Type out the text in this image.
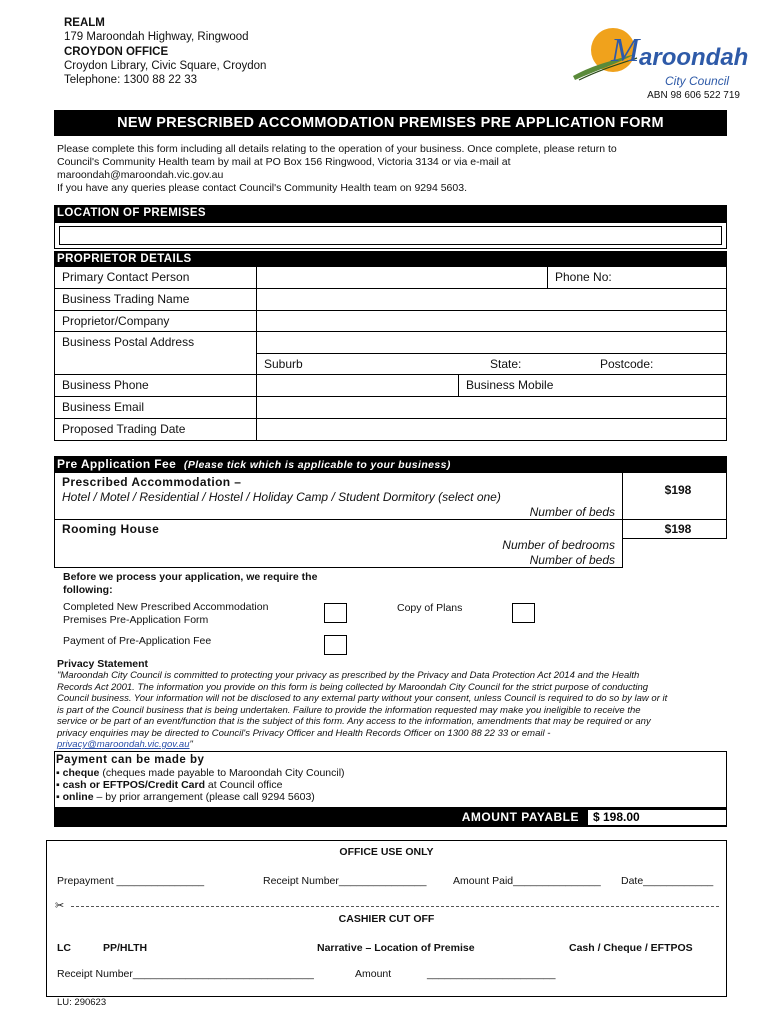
REALM
179 Maroondah Highway, Ringwood
CROYDON OFFICE
Croydon Library, Civic Square, Croydon
Telephone: 1300 88 22 33
M aroondah
City Council
ABN 98 606 522 719
NEW PRESCRIBED ACCOMMODATION PREMISES PRE APPLICATION FORM
Please complete this form including all details relating to the operation of your business. Once complete, please return to
Council's Community Health team by mail at PO Box 156 Ringwood, Victoria 3134 or via e-mail at
maroondah@maroondah.vic.gov.au
If you have any queries please contact Council's Community Health team on 9294 5603.
LOCATION OF PREMISES
PROPRIETOR DETAILS
Primary Contact Person	Phone No:
Business Trading Name
Proprietor/Company
Business Postal Address
Suburb	State:	Postcode:
Business Phone	Business Mobile
Business Email
Proposed Trading Date
Pre Application Fee (Please tick which is applicable to your business)
Prescribed Accommodation –
Hotel / Motel / Residential / Hostel / Holiday Camp / Student Dormitory (select one)
Number of beds
$198
Rooming House
Number of bedrooms
Number of beds
$198
Before we process your application, we require the
following:
Completed New Prescribed Accommodation
Premises Pre-Application Form
Copy of Plans
Payment of Pre-Application Fee
Privacy Statement
"Maroondah City Council is committed to protecting your privacy as prescribed by the Privacy and Data Protection Act 2014 and the Health
Records Act 2001. The information you provide on this form is being collected by Maroondah City Council for the strict purpose of conducting
Council business. Your information will not be disclosed to any external party without your consent, unless Council is required to do so by law or it
is part of the Council business that is being undertaken. Failure to provide the information requested may make you ineligible to receive the
service or be part of an event/function that is the subject of this form. Any access to the information, amendments that may be required or any
privacy enquiries may be directed to Council's Privacy Officer and Health Records Officer on 1300 88 22 33 or email -
privacy@maroondah.vic.gov.au"
Payment can be made by
▪ cheque (cheques made payable to Maroondah City Council)
▪ cash or EFTPOS/Credit Card at Council office
▪ online – by prior arrangement (please call 9294 5603)
AMOUNT PAYABLE	$ 198.00
OFFICE USE ONLY
Prepayment _______________	Receipt Number_______________	Amount Paid_______________ Date____________
✂
CASHIER CUT OFF
LC	PP/HLTH	Narrative – Location of Premise	Cash / Cheque / EFTPOS
Receipt Number_______________________________	Amount	______________________
LU: 290623
